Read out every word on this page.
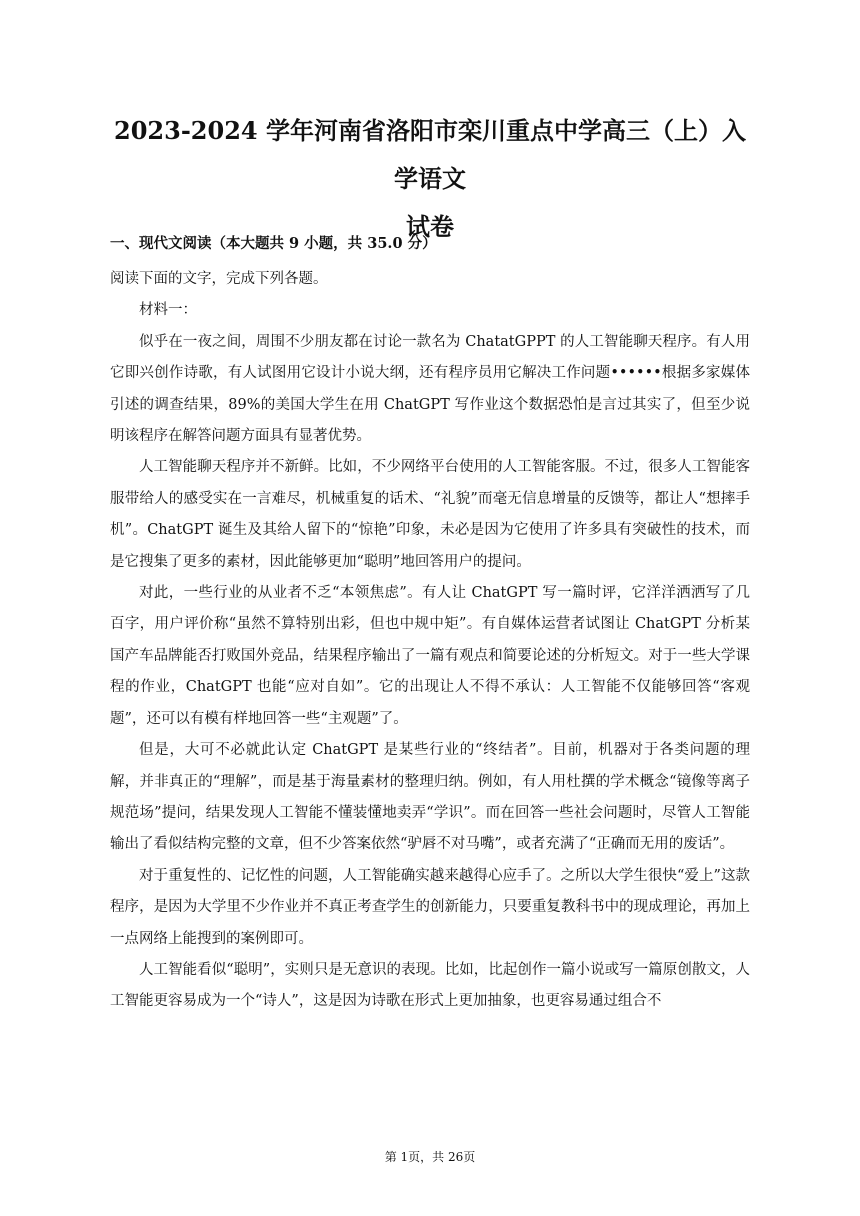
2023-2024 学年河南省洛阳市栾川重点中学高三（上）入学语文
试卷
一、现代文阅读（本大题共 9 小题，共 35.0 分）

阅读下面的文字，完成下列各题。

材料一：

似乎在一夜之间，周围不少朋友都在讨论一款名为 ChatatGPPT 的人工智能聊天程序。有人用它即兴创作诗歌，有人试图用它设计小说大纲，还有程序员用它解决工作问题••••••根据多家媒体引述的调查结果，89%的美国大学生在用 ChatGPT 写作业这个数据恐怕是言过其实了，但至少说明该程序在解答问题方面具有显著优势。

人工智能聊天程序并不新鲜。比如，不少网络平台使用的人工智能客服。不过，很多人工智能客服带给人的感受实在一言难尽，机械重复的话术、“礼貌”而毫无信息增量的反馈等，都让人“想摔手机”。ChatGPT 诞生及其给人留下的“惊艳”印象，未必是因为它使用了许多具有突破性的技术，而是它搜集了更多的素材，因此能够更加“聪明”地回答用户的提问。

对此，一些行业的从业者不乏“本领焦虑”。有人让 ChatGPT 写一篇时评，它洋洋洒洒写了几百字，用户评价称“虽然不算特别出彩，但也中规中矩”。有自媒体运营者试图让 ChatGPT 分析某国产车品牌能否打败国外竞品，结果程序输出了一篇有观点和简要论述的分析短文。对于一些大学课程的作业，ChatGPT 也能“应对自如”。它的出现让人不得不承认：人工智能不仅能够回答“客观题”，还可以有模有样地回答一些“主观题”了。

但是，大可不必就此认定 ChatGPT 是某些行业的“终结者”。目前，机器对于各类问题的理解，并非真正的“理解”，而是基于海量素材的整理归纳。例如，有人用杜撰的学术概念“镜像等离子规范场”提问，结果发现人工智能不懂装懂地卖弄“学识”。而在回答一些社会问题时，尽管人工智能输出了看似结构完整的文章，但不少答案依然“驴唇不对马嘴”，或者充满了“正确而无用的废话”。

对于重复性的、记忆性的问题，人工智能确实越来越得心应手了。之所以大学生很快“爱上”这款程序，是因为大学里不少作业并不真正考查学生的创新能力，只要重复教科书中的现成理论，再加上一点网络上能搜到的案例即可。

人工智能看似“聪明”，实则只是无意识的表现。比如，比起创作一篇小说或写一篇原创散文，人工智能更容易成为一个“诗人”，这是因为诗歌在形式上更加抽象，也更容易通过组合不

第 1页，共 26页
